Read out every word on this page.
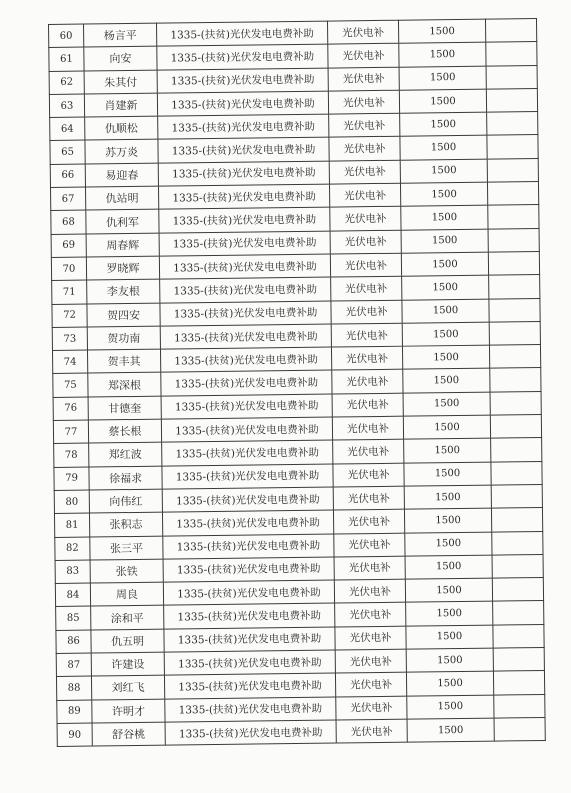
60	杨言平	1335-(扶贫)光伏发电电费补助	光伏电补	1500	
61	向安	1335-(扶贫)光伏发电电费补助	光伏电补	1500	
62	朱其付	1335-(扶贫)光伏发电电费补助	光伏电补	1500	
63	肖建新	1335-(扶贫)光伏发电电费补助	光伏电补	1500	
64	仇顺松	1335-(扶贫)光伏发电电费补助	光伏电补	1500	
65	苏万炎	1335-(扶贫)光伏发电电费补助	光伏电补	1500	
66	易迎春	1335-(扶贫)光伏发电电费补助	光伏电补	1500	
67	仇站明	1335-(扶贫)光伏发电电费补助	光伏电补	1500	
68	仇利军	1335-(扶贫)光伏发电电费补助	光伏电补	1500	
69	周春辉	1335-(扶贫)光伏发电电费补助	光伏电补	1500	
70	罗晓辉	1335-(扶贫)光伏发电电费补助	光伏电补	1500	
71	李友根	1335-(扶贫)光伏发电电费补助	光伏电补	1500	
72	贺四安	1335-(扶贫)光伏发电电费补助	光伏电补	1500	
73	贺功南	1335-(扶贫)光伏发电电费补助	光伏电补	1500	
74	贺丰其	1335-(扶贫)光伏发电电费补助	光伏电补	1500	
75	郑深根	1335-(扶贫)光伏发电电费补助	光伏电补	1500	
76	甘德奎	1335-(扶贫)光伏发电电费补助	光伏电补	1500	
77	蔡长根	1335-(扶贫)光伏发电电费补助	光伏电补	1500	
78	郑红波	1335-(扶贫)光伏发电电费补助	光伏电补	1500	
79	徐福求	1335-(扶贫)光伏发电电费补助	光伏电补	1500	
80	向伟红	1335-(扶贫)光伏发电电费补助	光伏电补	1500	
81	张积志	1335-(扶贫)光伏发电电费补助	光伏电补	1500	
82	张三平	1335-(扶贫)光伏发电电费补助	光伏电补	1500	
83	张铁	1335-(扶贫)光伏发电电费补助	光伏电补	1500	
84	周良	1335-(扶贫)光伏发电电费补助	光伏电补	1500	
85	涂和平	1335-(扶贫)光伏发电电费补助	光伏电补	1500	
86	仇五明	1335-(扶贫)光伏发电电费补助	光伏电补	1500	
87	许建设	1335-(扶贫)光伏发电电费补助	光伏电补	1500	
88	刘红飞	1335-(扶贫)光伏发电电费补助	光伏电补	1500	
89	许明才	1335-(扶贫)光伏发电电费补助	光伏电补	1500	
90	舒谷桃	1335-(扶贫)光伏发电电费补助	光伏电补	1500	
